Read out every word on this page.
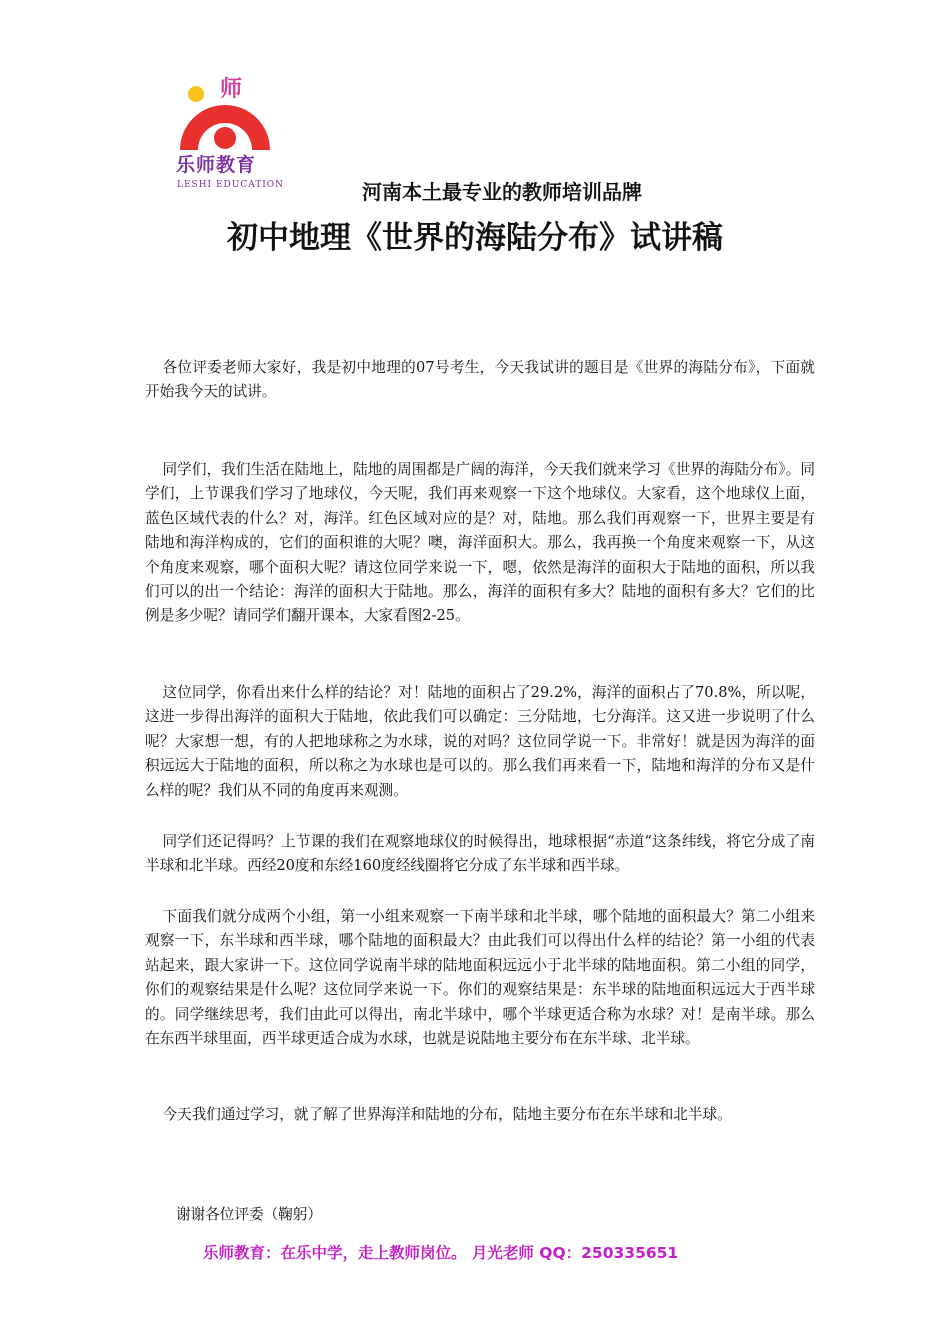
师
乐师教育
LESHI EDUCATION	河南本土最专业的教师培训品牌
初中地理《世界的海陆分布》试讲稿

各位评委老师大家好，我是初中地理的07号考生，今天我试讲的题目是《世界的海陆分布》，下面就开始我今天的试讲。

同学们，我们生活在陆地上，陆地的周围都是广阔的海洋，今天我们就来学习《世界的海陆分布》。同学们，上节课我们学习了地球仪，今天呢，我们再来观察一下这个地球仪。大家看，这个地球仪上面，蓝色区域代表的什么？对，海洋。红色区域对应的是？对，陆地。那么我们再观察一下，世界主要是有陆地和海洋构成的，它们的面积谁的大呢？噢，海洋面积大。那么，我再换一个角度来观察一下，从这个角度来观察，哪个面积大呢？请这位同学来说一下，嗯，依然是海洋的面积大于陆地的面积，所以我们可以的出一个结论：海洋的面积大于陆地。那么，海洋的面积有多大？陆地的面积有多大？它们的比例是多少呢？请同学们翻开课本，大家看图2-25。

这位同学，你看出来什么样的结论？对！陆地的面积占了29.2%，海洋的面积占了70.8%，所以呢，这进一步得出海洋的面积大于陆地，依此我们可以确定：三分陆地，七分海洋。这又进一步说明了什么呢？大家想一想，有的人把地球称之为水球，说的对吗？这位同学说一下。非常好！就是因为海洋的面积远远大于陆地的面积，所以称之为水球也是可以的。那么我们再来看一下，陆地和海洋的分布又是什么样的呢？我们从不同的角度再来观测。

同学们还记得吗？上节课的我们在观察地球仪的时候得出，地球根据“赤道“这条纬线，将它分成了南半球和北半球。西经20度和东经160度经线圈将它分成了东半球和西半球。

下面我们就分成两个小组，第一小组来观察一下南半球和北半球，哪个陆地的面积最大？第二小组来观察一下，东半球和西半球，哪个陆地的面积最大？由此我们可以得出什么样的结论？第一小组的代表站起来，跟大家讲一下。这位同学说南半球的陆地面积远远小于北半球的陆地面积。第二小组的同学，你们的观察结果是什么呢？这位同学来说一下。你们的观察结果是：东半球的陆地面积远远大于西半球的。同学继续思考，我们由此可以得出，南北半球中，哪个半球更适合称为水球？对！是南半球。那么在东西半球里面，西半球更适合成为水球，也就是说陆地主要分布在东半球、北半球。

今天我们通过学习，就了解了世界海洋和陆地的分布，陆地主要分布在东半球和北半球。

谢谢各位评委（鞠躬）
乐师教育：在乐中学，走上教师岗位。 月光老师 QQ：250335651
